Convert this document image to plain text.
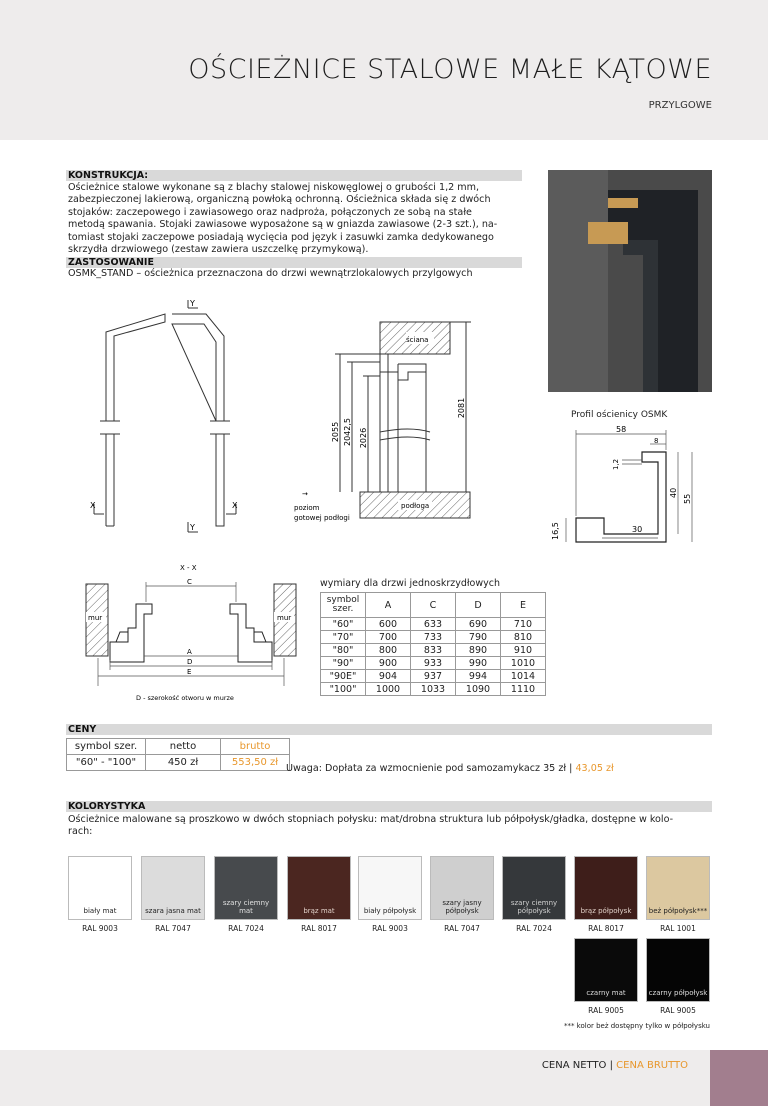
OŚCIEŻNICE STALOWE MAŁE KĄTOWE
PRZYLGOWE
KONSTRUKCJA:
Ościeżnice stalowe wykonane są z blachy stalowej niskowęglowej o grubości 1,2 mm,
zabezpieczonej lakierową, organiczną powłoką ochronną. Ościeżnica składa się z dwóch
stojaków: zaczepowego i zawiasowego oraz nadproża, połączonych ze sobą na stałe
metodą spawania. Stojaki zawiasowe wyposażone są w gniazda zawiasowe (2-3 szt.), na-
tomiast stojaki zaczepowe posiadają wycięcia pod język i zasuwki zamka dedykowanego
skrzydła drzwiowego (zestaw zawiera uszczelkę przymykową).
ZASTOSOWANIE
OSMK_STAND – ościeżnica przeznaczona do drzwi wewnątrzlokalowych przylgowych
Y
Y
X	X
ściana
podłoga
2055 2042,5 2026
2081
→
poziom
gotowej podłogi
Profil ościenicy OSMK
58
8
1,2
40
55
30
16,5
X - X
mur	mur
C
A
D
E
D - szerokość otworu w murze
wymiary dla drzwi jednoskrzydłowych
symbol szer.	A	C	D	E
"60"	600	633	690	710
"70"	700	733	790	810
"80"	800	833	890	910
"90"	900	933	990	1010
"90E"	904	937	994	1014
"100"	1000	1033	1090	1110
CENY
symbol szer.	netto	brutto
"60" - "100"	450 zł	553,50 zł
Uwaga: Dopłata za wzmocnienie pod samozamykacz 35 zł | 43,05 zł
KOLORYSTYKA
Ościeżnice malowane są proszkowo w dwóch stopniach połysku: mat/drobna struktura lub półpołysk/gładka, dostępne w kolo-
rach:
biały mat
RAL 9003
szara jasna mat
RAL 7047
szary ciemny mat
RAL 7024
brąz mat
RAL 8017
biały półpołysk
RAL 9003
szary jasny półpołysk
RAL 7047
szary ciemny półpołysk
RAL 7024
brąz półpołysk
RAL 8017
beż półpołysk***
RAL 1001
czarny mat
RAL 9005
czarny półpołysk
RAL 9005
*** kolor beż dostępny tylko w półpołysku
CENA NETTO | CENA BRUTTO
